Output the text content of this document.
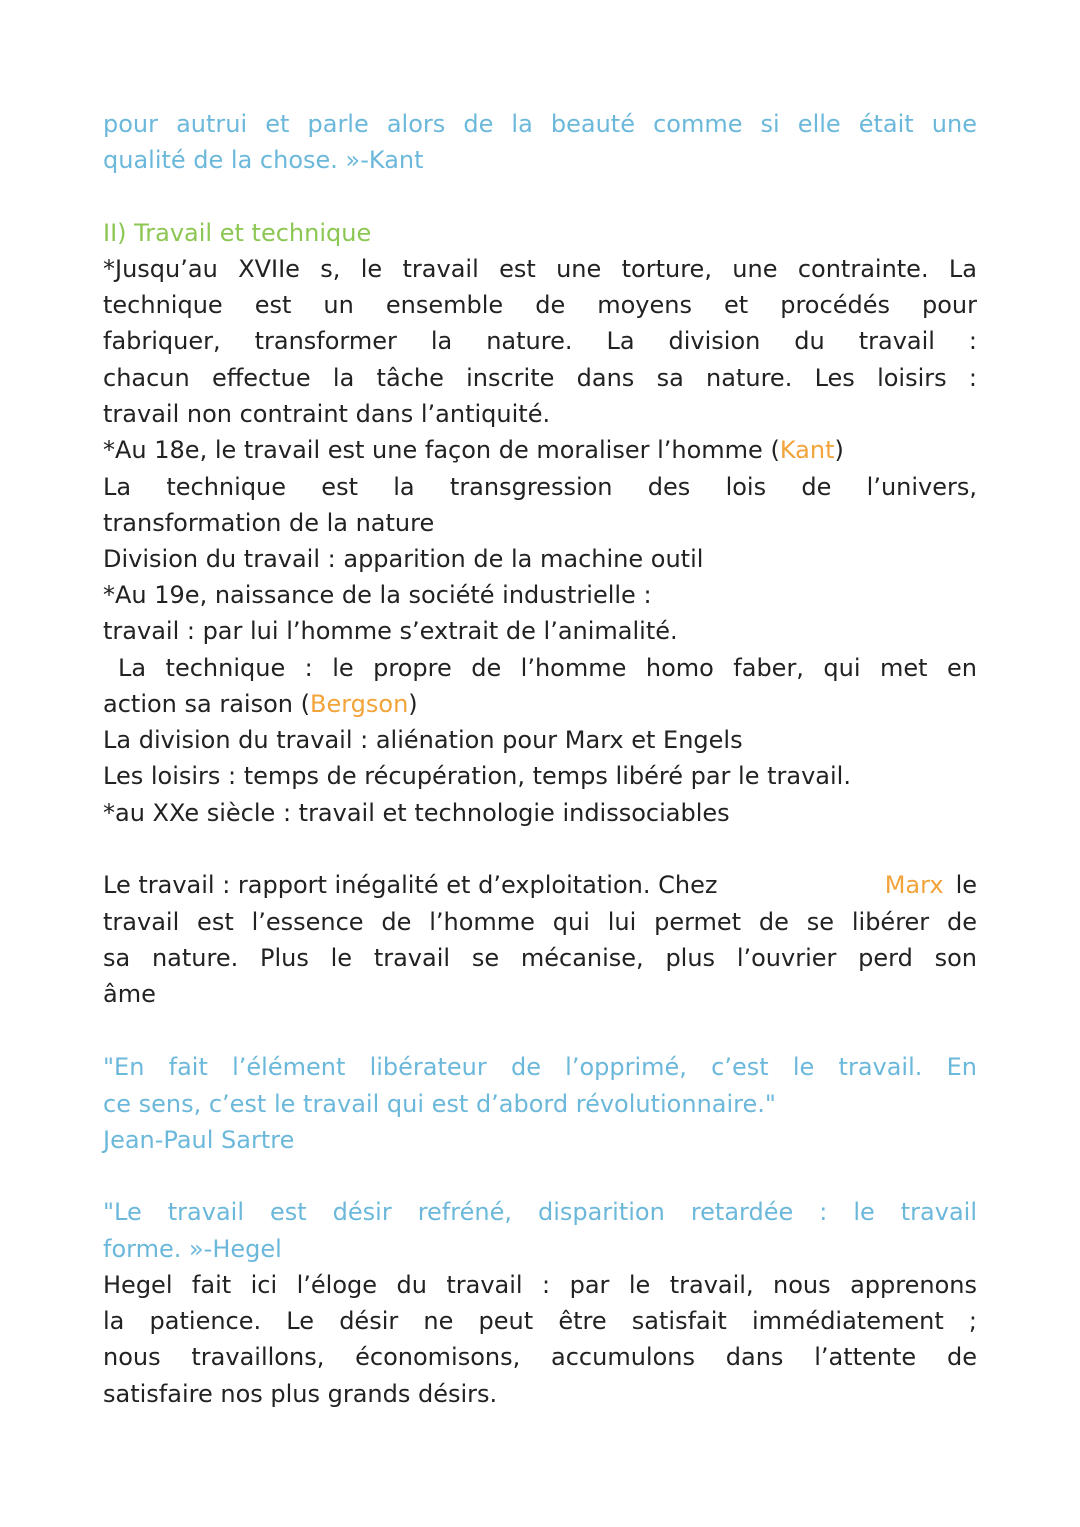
pour autrui et parle alors de la beauté comme si elle était une
qualité de la chose. »-Kant
II) Travail et technique
*Jusqu’au XVIIe s, le travail est une torture, une contrainte. La
technique est un ensemble de moyens et procédés pour
fabriquer, transformer la nature. La division du travail :
chacun effectue la tâche inscrite dans sa nature. Les loisirs :
travail non contraint dans l’antiquité.
*Au 18e, le travail est une façon de moraliser l’homme (Kant)
La technique est la transgression des lois de l’univers,
transformation de la nature
Division du travail : apparition de la machine outil
*Au 19e, naissance de la société industrielle :
travail : par lui l’homme s’extrait de l’animalité.
La technique : le propre de l’homme homo faber, qui met en
action sa raison (Bergson)
La division du travail : aliénation pour Marx et Engels
Les loisirs : temps de récupération, temps libéré par le travail.
*au XXe siècle : travail et technologie indissociables
Le travail : rapport inégalité et d’exploitation. Chez	Marx le
travail est l’essence de l’homme qui lui permet de se libérer de
sa nature. Plus le travail se mécanise, plus l’ouvrier perd son
âme
"En fait l’élément libérateur de l’opprimé, c’est le travail. En
ce sens, c’est le travail qui est d’abord révolutionnaire."
Jean-Paul Sartre
"Le travail est désir refréné, disparition retardée : le travail
forme. »-Hegel
Hegel fait ici l’éloge du travail : par le travail, nous apprenons
la patience. Le désir ne peut être satisfait immédiatement ;
nous travaillons, économisons, accumulons dans l’attente de
satisfaire nos plus grands désirs.
